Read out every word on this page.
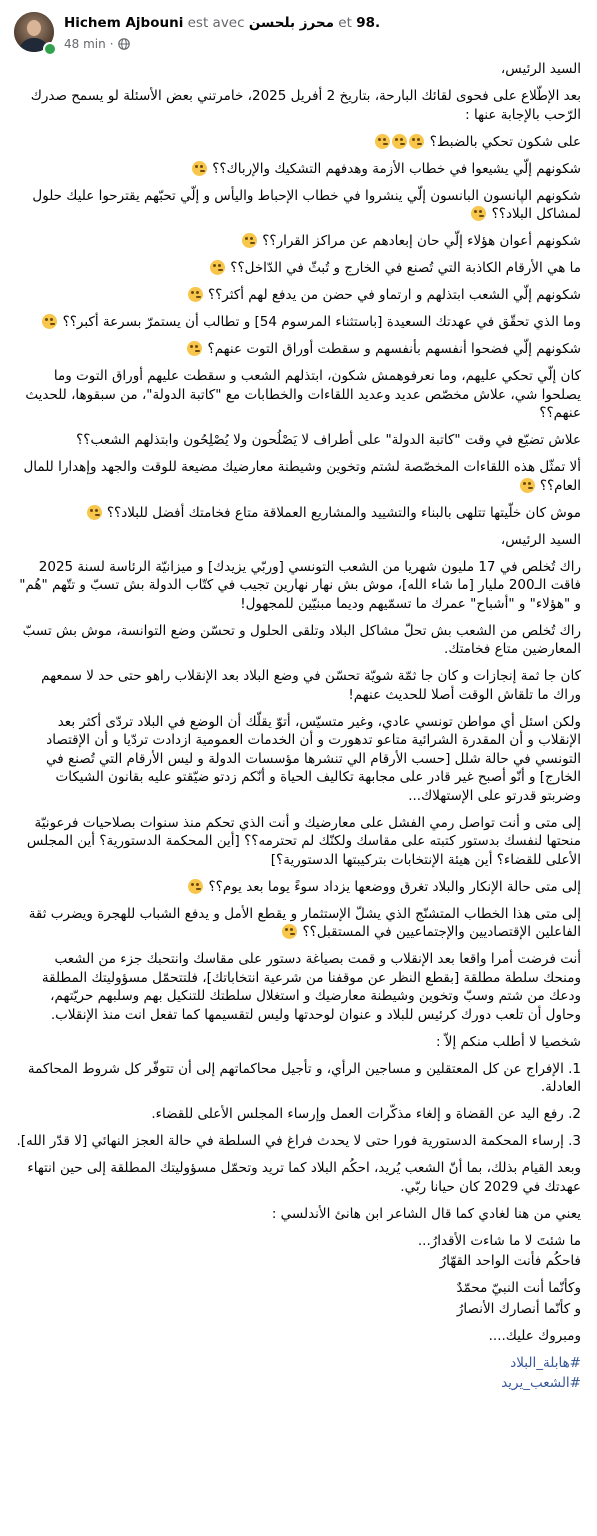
Hichem Ajbouni est avec محرز بلحسن et 98.
48 min ·

السيد الرئيس،

بعد الإطّلاع على فحوى لقائك البارحة، بتاريخ 2 أفريل 2025، خامرتني بعض الأسئلة لو يسمح صدرك الرّحب بالإجابة عنها :

على شكون تحكي بالضبط؟

شكونهم إلّي يشيعوا في خطاب الأزمة وهدفهم التشكيك والإرباك؟؟

شكونهم الپانسون البانسون إلّي ينشروا في خطاب الإحباط واليأس و إلّي تحبّهم يقترحوا عليك حلول لمشاكل البلاد؟؟

شكونهم أعوان هؤلاء إلّي حان إبعادهم عن مراكز القرار؟؟

ما هي الأرقام الكاذبة التي تُصنع في الخارج و تُبثّ في الدّاخل؟؟

شكونهم إلّي الشعب ابتذلهم و ارتماو في حضن من يدفع لهم أكثر؟؟

وما الذي تحقّق في عهدتك السعيدة [باستثناء المرسوم 54] و تطالب أن يستمرّ بسرعة أكبر؟؟

شكونهم إلّي فضحوا أنفسهم بأنفسهم و سقطت أوراق التوت عنهم؟

كان إلّي تحكي عليهم، وما نعرفوهمش شكون، ابتذلهم الشعب و سقطت عليهم أوراق التوت وما يصلحوا شي، علاش مخصّص عديد وعديد اللقاءات والخطابات مع "كاتبة الدولة"، من سبقوها، للحديث عنهم؟؟

علاش تضيّع في وقت "كاتبة الدولة" على أطراف لا يَصْلُحون ولا يُصْلِحُون وابتذلهم الشعب؟؟

ألا تمثّل هذه اللقاءات المخصّصة لشتم وتخوين وشيطنة معارضيك مضيعة للوقت والجهد وإهدارا للمال العام؟؟

موش كان خلّيتها تتلهى بالبناء والتشييد والمشاريع العملاقة متاع فخامتك أفضل للبلاد؟؟

السيد الرئيس،

راك تُخلص في 17 مليون شهريا من الشعب التونسي [وربّي يزيدك] و ميزانيّة الرئاسة لسنة 2025 فاقت الـ200 مليار [ما شاء الله]، موش بش نهار نهارين تجيب في كتّاب الدولة بش تسبّ و تتّهم "هُم" و "هؤلاء" و "أشباح" عمرك ما تسمّيهم وديما مبنيّين للمجهول!

راك تُخلص من الشعب بش تحلّ مشاكل البلاد وتلقى الحلول و تحسّن وضع التوانسة، موش بش تسبّ المعارضين متاع فخامتك.

كان جا ثمة إنجازات و كان جا ثمّة شويّة تحسّن في وضع البلاد بعد الإنقلاب راهو حتى حد لا سمعهم وراك ما تلقاش الوقت أصلا للحديث عنهم!

ولكن اسئل أي مواطن تونسي عادي، وغير متسيّس، أتوّ يقلّك أن الوضع في البلاد تردّى أكثر بعد الإنقلاب و أن المقدرة الشرائية متاعو تدهورت و أن الخدمات العمومية ازدادت تردّيا و أن الإقتصاد التونسي في حالة شلل [حسب الأرقام الي تنشرها مؤسسات الدولة و ليس الأرقام التي تُصنع في الخارج] و أنّو أصبح غير قادر على مجابهة تكاليف الحياة و أنّكم زدتو ضيّقتو عليه بقانون الشيكات وضربتو قدرتو على الإستهلاك...

إلى متى و أنت تواصل رمي الفشل على معارضيك و أنت الذي تحكم منذ سنوات بصلاحيات فرعونيّة منحتها لنفسك بدستور كتبته على مقاسك ولكنّك لم تحترمه؟؟ [أين المحكمة الدستورية؟ أين المجلس الأعلى للقضاء؟ أين هيئة الإنتخابات بتركيبتها الدستورية؟]

إلى متى حالة الإنكار والبلاد تغرق ووضعها يزداد سوءً يوما بعد يوم؟؟

إلى متى هذا الخطاب المتشنّج الذي يشلّ الإستثمار و يقطع الأمل و يدفع الشباب للهجرة ويضرب ثقة الفاعلين الإقتصاديين والإجتماعيين في المستقبل؟؟

أنت فرضت أمرا واقعا بعد الإنقلاب و قمت بصياغة دستور على مقاسك وانتحبك جزء من الشعب ومنحك سلطة مطلقة [بقطع النظر عن موقفنا من شرعية انتخاباتك]، فلتتحمّل مسؤوليتك المطلقة ودعك من شتم وسبّ وتخوين وشيطنة معارضيك و استغلال سلطتك للتنكيل بهم وسلبهم حريّتهم، وحاول أن تلعب دورك كرئيس للبلاد و عنوان لوحدتها وليس لتقسيمها كما تفعل انت منذ الإنقلاب.

شخصيا لا أطلب منكم إلاّ :

1. الإفراج عن كل المعتقلين و مساجين الرأي، و تأجيل محاكماتهم إلى أن تتوفّر كل شروط المحاكمة العادلة.

2. رفع اليد عن القضاة و إلغاء مذكّرات العمل وإرساء المجلس الأعلى للقضاء.

3. إرساء المحكمة الدستورية فورا حتى لا يحدث فراغ في السلطة في حالة العجز النهائي [لا قدّر الله].

وبعد القيام بذلك، بما أنّ الشعب يُريد، احكُم البلاد كما تريد وتحمّل مسؤوليتك المطلقة إلى حين انتهاء عهدتك في 2029 كان حيانا ربّي.

يعني من هنا لغادي كما قال الشاعر ابن هانئ الأندلسي :

ما شئتَ لا ما شاءت الأقدارُ...

فاحكُم فأنت الواحد القهّارُ

وكأنّما أنت النبيّ محمّدٌ

و كأنّما أنصارك الأنصارُ

ومبروك عليك....

#هابلة_البلاد

#الشعب_يريد
